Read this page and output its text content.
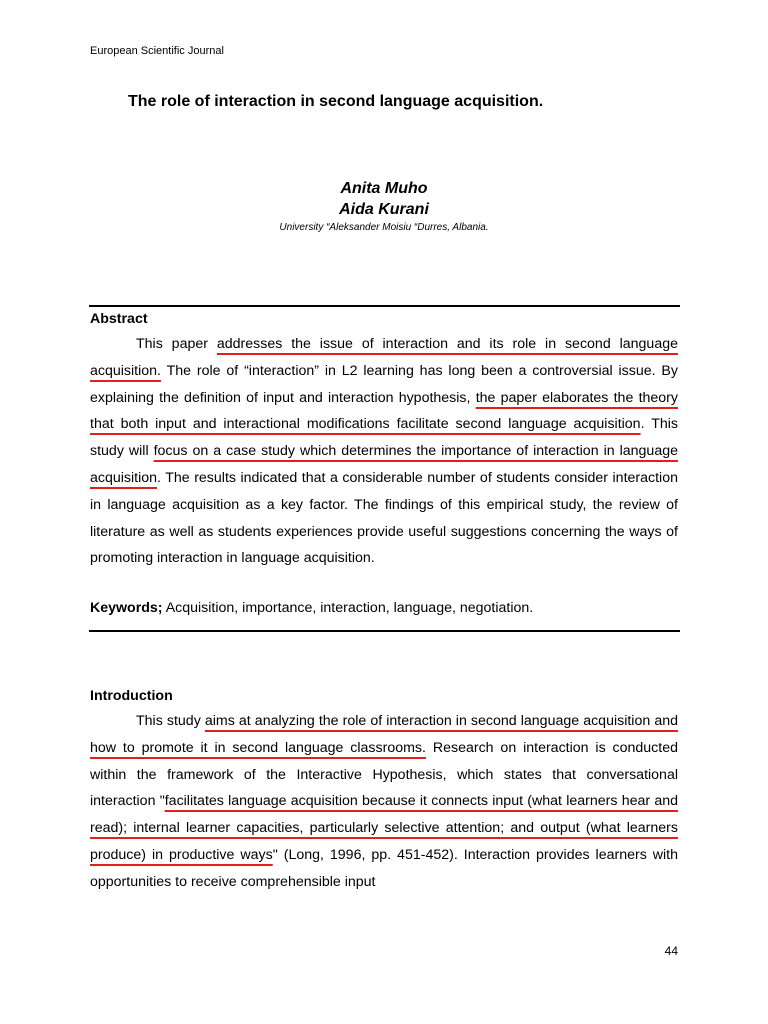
European Scientific Journal
The role of interaction in second language acquisition.
Anita Muho
Aida Kurani
University “Aleksander Moisiu “Durres, Albania.
Abstract

This paper addresses the issue of interaction and its role in second language acquisition. The role of “interaction” in L2 learning has long been a controversial issue. By explaining the definition of input and interaction hypothesis, the paper elaborates the theory that both input and interactional modifications facilitate second language acquisition. This study will focus on a case study which determines the importance of interaction in language acquisition. The results indicated that a considerable number of students consider interaction in language acquisition as a key factor. The findings of this empirical study, the review of literature as well as students experiences provide useful suggestions concerning the ways of promoting interaction in language acquisition.

Keywords; Acquisition, importance, interaction, language, negotiation.
Introduction

This study aims at analyzing the role of interaction in second language acquisition and how to promote it in second language classrooms. Research on interaction is conducted within the framework of the Interactive Hypothesis, which states that conversational interaction "facilitates language acquisition because it connects input (what learners hear and read); internal learner capacities, particularly selective attention; and output (what learners produce) in productive ways" (Long, 1996, pp. 451-452). Interaction provides learners with opportunities to receive comprehensible input

44
